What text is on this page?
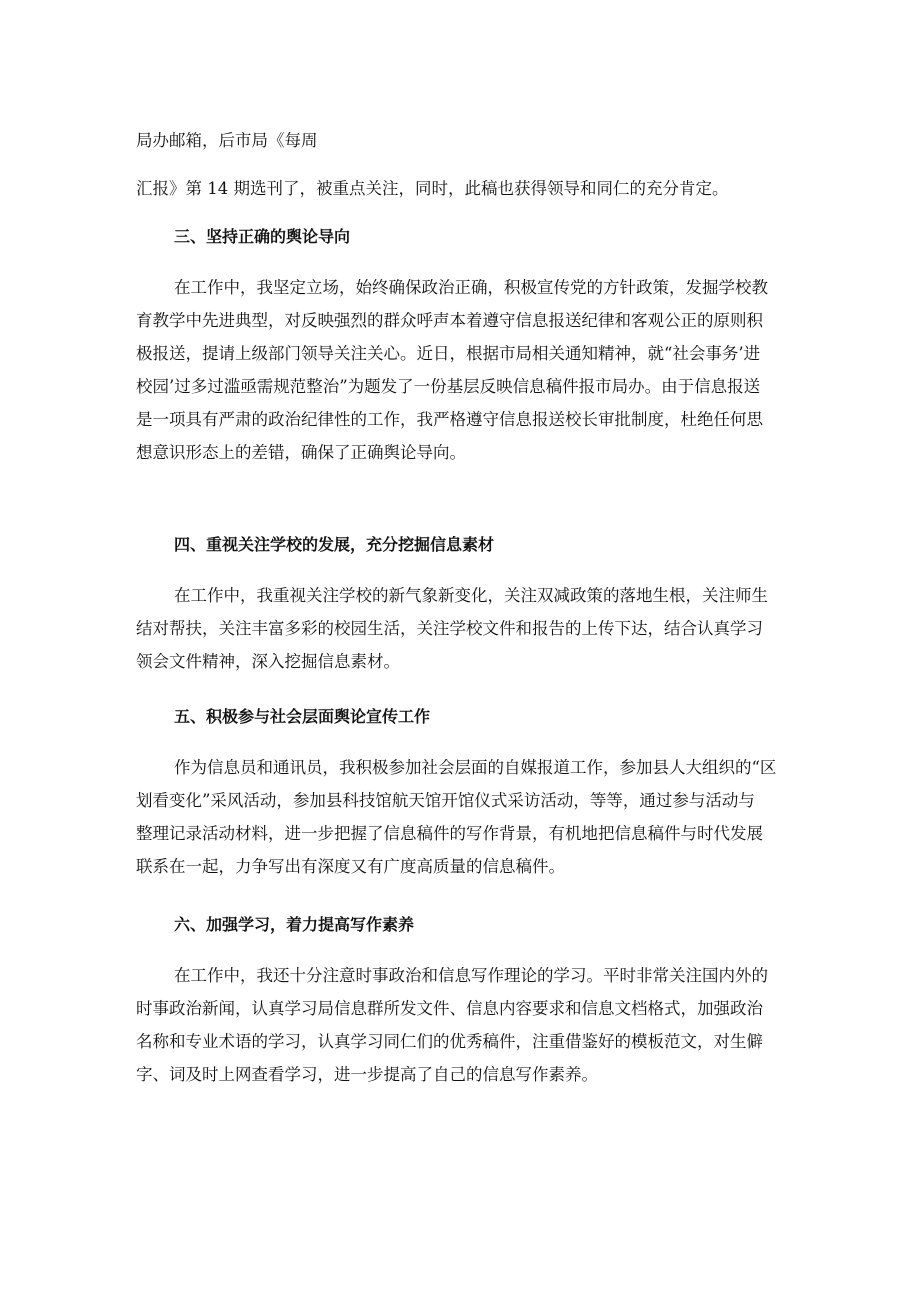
局办邮箱，后市局《每周
汇报》第 14 期选刊了，被重点关注，同时，此稿也获得领导和同仁的充分肯定。
三、坚持正确的舆论导向
在工作中，我坚定立场，始终确保政治正确，积极宣传党的方针政策，发掘学校教
育教学中先进典型，对反映强烈的群众呼声本着遵守信息报送纪律和客观公正的原则积
极报送，提请上级部门领导关注关心。近日，根据市局相关通知精神，就“社会事务’进
校园’过多过滥亟需规范整治”为题发了一份基层反映信息稿件报市局办。由于信息报送
是一项具有严肃的政治纪律性的工作，我严格遵守信息报送校长审批制度，杜绝任何思
想意识形态上的差错，确保了正确舆论导向。
四、重视关注学校的发展，充分挖掘信息素材
在工作中，我重视关注学校的新气象新变化，关注双减政策的落地生根，关注师生
结对帮扶，关注丰富多彩的校园生活，关注学校文件和报告的上传下达，结合认真学习
领会文件精神，深入挖掘信息素材。
五、积极参与社会层面舆论宣传工作
作为信息员和通讯员，我积极参加社会层面的自媒报道工作，参加县人大组织的“区
划看变化”采风活动，参加县科技馆航天馆开馆仪式采访活动，等等，通过参与活动与
整理记录活动材料，进一步把握了信息稿件的写作背景，有机地把信息稿件与时代发展
联系在一起，力争写出有深度又有广度高质量的信息稿件。
六、加强学习，着力提高写作素养
在工作中，我还十分注意时事政治和信息写作理论的学习。平时非常关注国内外的
时事政治新闻，认真学习局信息群所发文件、信息内容要求和信息文档格式，加强政治
名称和专业术语的学习，认真学习同仁们的优秀稿件，注重借鉴好的模板范文，对生僻
字、词及时上网查看学习，进一步提高了自己的信息写作素养。
